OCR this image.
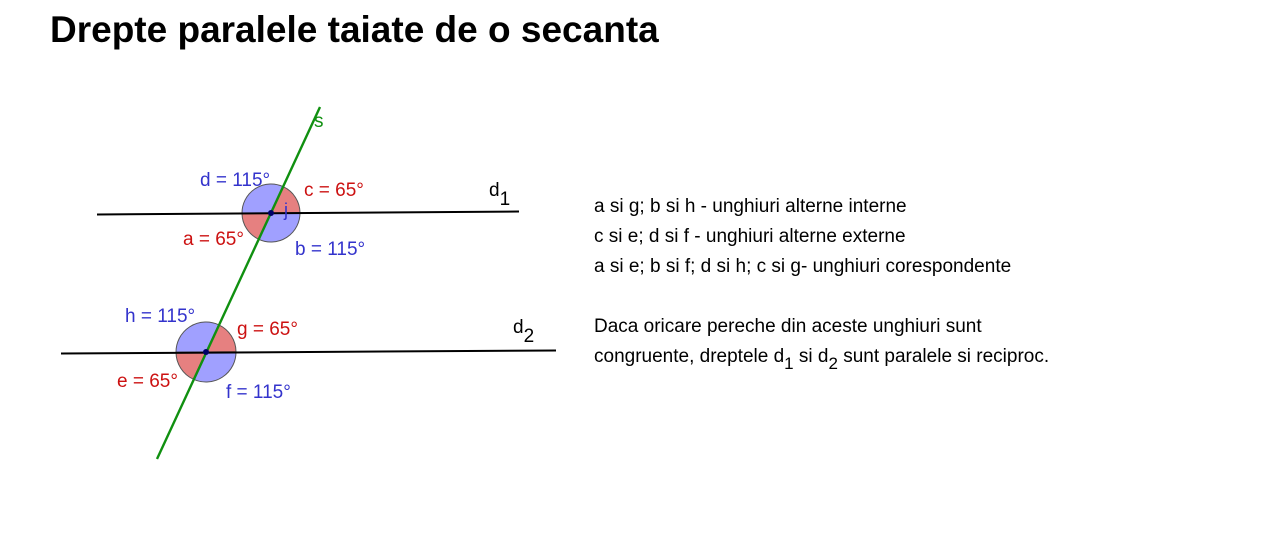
Drepte paralele taiate de o secanta
s
j
d1
d2
d = 115° c = 65°
a = 65°	b = 115°
h = 115°
g = 65°
e = 65°
f = 115°
a si g; b si h - unghiuri alterne interne
c si e; d si f - unghiuri alterne externe
a si e; b si f; d si h; c si g- unghiuri corespondente
Daca oricare pereche din aceste unghiuri sunt
congruente, dreptele $d_1$ si $d_2$ sunt paralele si reciproc.
